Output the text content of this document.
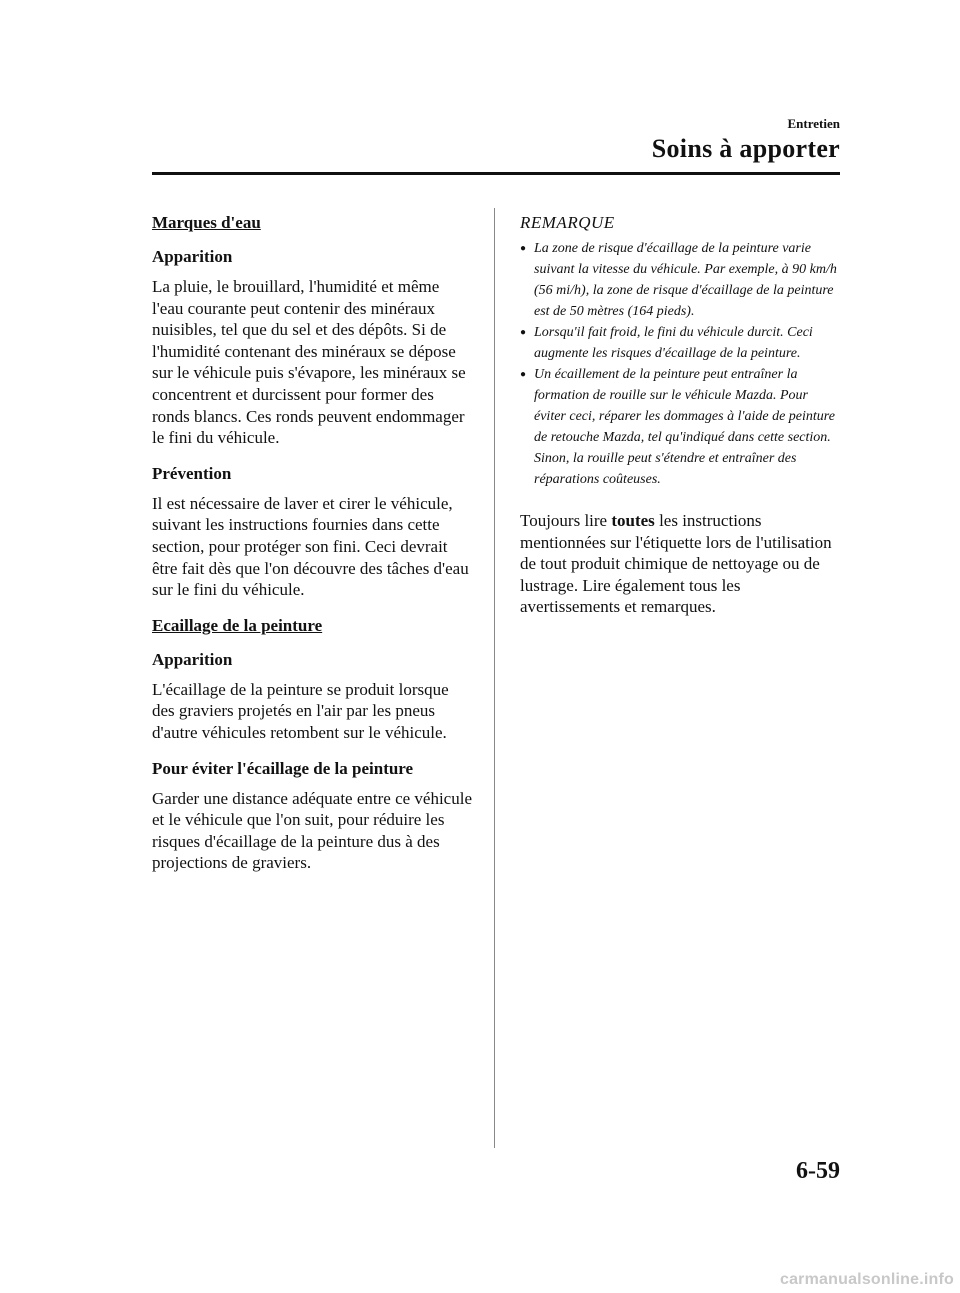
Entretien
Soins à apporter
Marques d'eau
Apparition

La pluie, le brouillard, l'humidité et même l'eau courante peut contenir des minéraux nuisibles, tel que du sel et des dépôts. Si de l'humidité contenant des minéraux se dépose sur le véhicule puis s'évapore, les minéraux se concentrent et durcissent pour former des ronds blancs. Ces ronds peuvent endommager le fini du véhicule.

Prévention

Il est nécessaire de laver et cirer le véhicule, suivant les instructions fournies dans cette section, pour protéger son fini. Ceci devrait être fait dès que l'on découvre des tâches d'eau sur le fini du véhicule.

Ecaillage de la peinture
Apparition

L'écaillage de la peinture se produit lorsque des graviers projetés en l'air par les pneus d'autre véhicules retombent sur le véhicule.

Pour éviter l'écaillage de la peinture

Garder une distance adéquate entre ce véhicule et le véhicule que l'on suit, pour réduire les risques d'écaillage de la peinture dus à des projections de graviers.

REMARQUE
● La zone de risque d'écaillage de la peinture varie suivant la vitesse du véhicule. Par exemple, à 90 km/h (56 mi/h), la zone de risque d'écaillage de la peinture est de 50 mètres (164 pieds).
● Lorsqu'il fait froid, le fini du véhicule durcit. Ceci augmente les risques d'écaillage de la peinture.
● Un écaillement de la peinture peut entraîner la formation de rouille sur le véhicule Mazda. Pour éviter ceci, réparer les dommages à l'aide de peinture de retouche Mazda, tel qu'indiqué dans cette section. Sinon, la rouille peut s'étendre et entraîner des réparations coûteuses.

Toujours lire toutes les instructions mentionnées sur l'étiquette lors de l'utilisation de tout produit chimique de nettoyage ou de lustrage. Lire également tous les avertissements et remarques.

6-59
carmanualsonline.info
